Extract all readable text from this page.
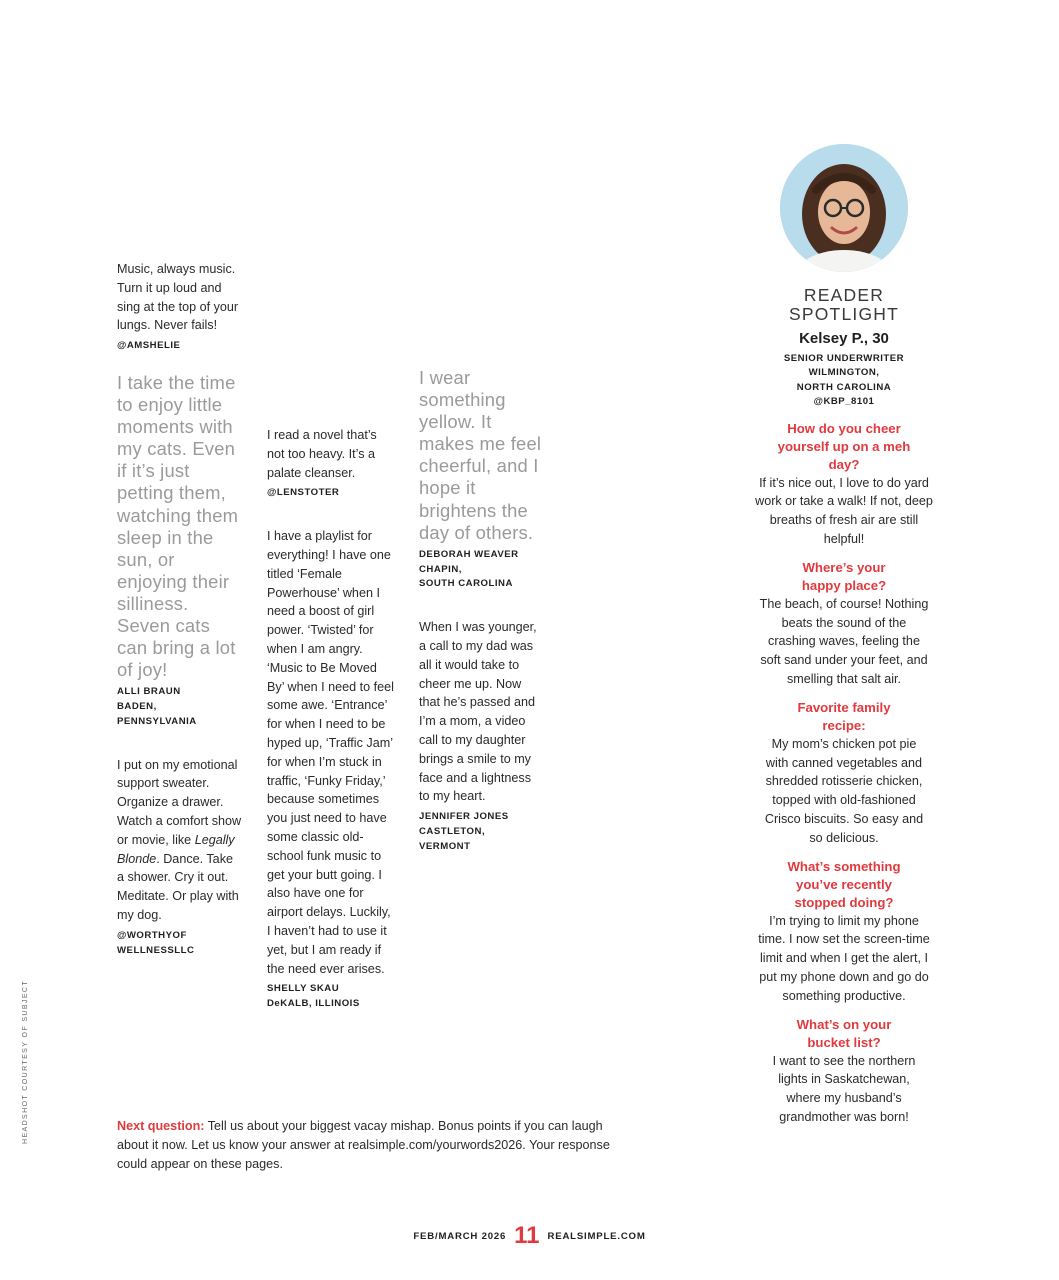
Music, always music. Turn it up loud and sing at the top of your lungs. Never fails!

@AMSHELIE

I take the time to enjoy little moments with my cats. Even if it’s just petting them, watching them sleep in the sun, or enjoying their silliness. Seven cats can bring a lot of joy!

ALLI BRAUN
BADEN,
PENNSYLVANIA

I put on my emotional support sweater. Organize a drawer. Watch a comfort show or movie, like Legally Blonde. Dance. Take a shower. Cry it out. Meditate. Or play with my dog.

@WORTHYOF
WELLNESSLLC

I read a novel that’s not too heavy. It’s a palate cleanser.

@LENSTOTER

I have a playlist for everything! I have one titled ‘Female Powerhouse’ when I need a boost of girl power. ‘Twisted’ for when I am angry. ‘Music to Be Moved By’ when I need to feel some awe. ‘Entrance’ for when I need to be hyped up, ‘Traffic Jam’ for when I’m stuck in traffic, ‘Funky Friday,’ because sometimes you just need to have some classic old-school funk music to get your butt going. I also have one for airport delays. Luckily, I haven’t had to use it yet, but I am ready if the need ever arises.

SHELLY SKAU
DeKALB, ILLINOIS

I wear something yellow. It makes me feel cheerful, and I hope it brightens the day of others.

DEBORAH WEAVER
CHAPIN,
SOUTH CAROLINA

When I was younger, a call to my dad was all it would take to cheer me up. Now that he’s passed and I’m a mom, a video call to my daughter brings a smile to my face and a lightness to my heart.

JENNIFER JONES
CASTLETON,
VERMONT
READER
SPOTLIGHT
Kelsey P., 30
SENIOR UNDERWRITER
WILMINGTON,
NORTH CAROLINA
@KBP_8101
How do you cheer yourself up on a meh day?
If it’s nice out, I love to do yard work or take a walk! If not, deep breaths of fresh air are still helpful!
Where’s your happy place?
The beach, of course! Nothing beats the sound of the crashing waves, feeling the soft sand under your feet, and smelling that salt air.
Favorite family recipe:
My mom’s chicken pot pie with canned vegetables and shredded rotisserie chicken, topped with old-fashioned Crisco biscuits. So easy and so delicious.
What’s something you’ve recently stopped doing?
I’m trying to limit my phone time. I now set the screen-time limit and when I get the alert, I put my phone down and go do something productive.
What’s on your bucket list?
I want to see the northern lights in Saskatchewan, where my husband’s grandmother was born!
Next question: Tell us about your biggest vacay mishap. Bonus points if you can laugh about it now. Let us know your answer at realsimple.com/yourwords2026. Your response could appear on these pages.
HEADSHOT COURTESY OF SUBJECT
FEB/MARCH 2026 11 REALSIMPLE.COM
